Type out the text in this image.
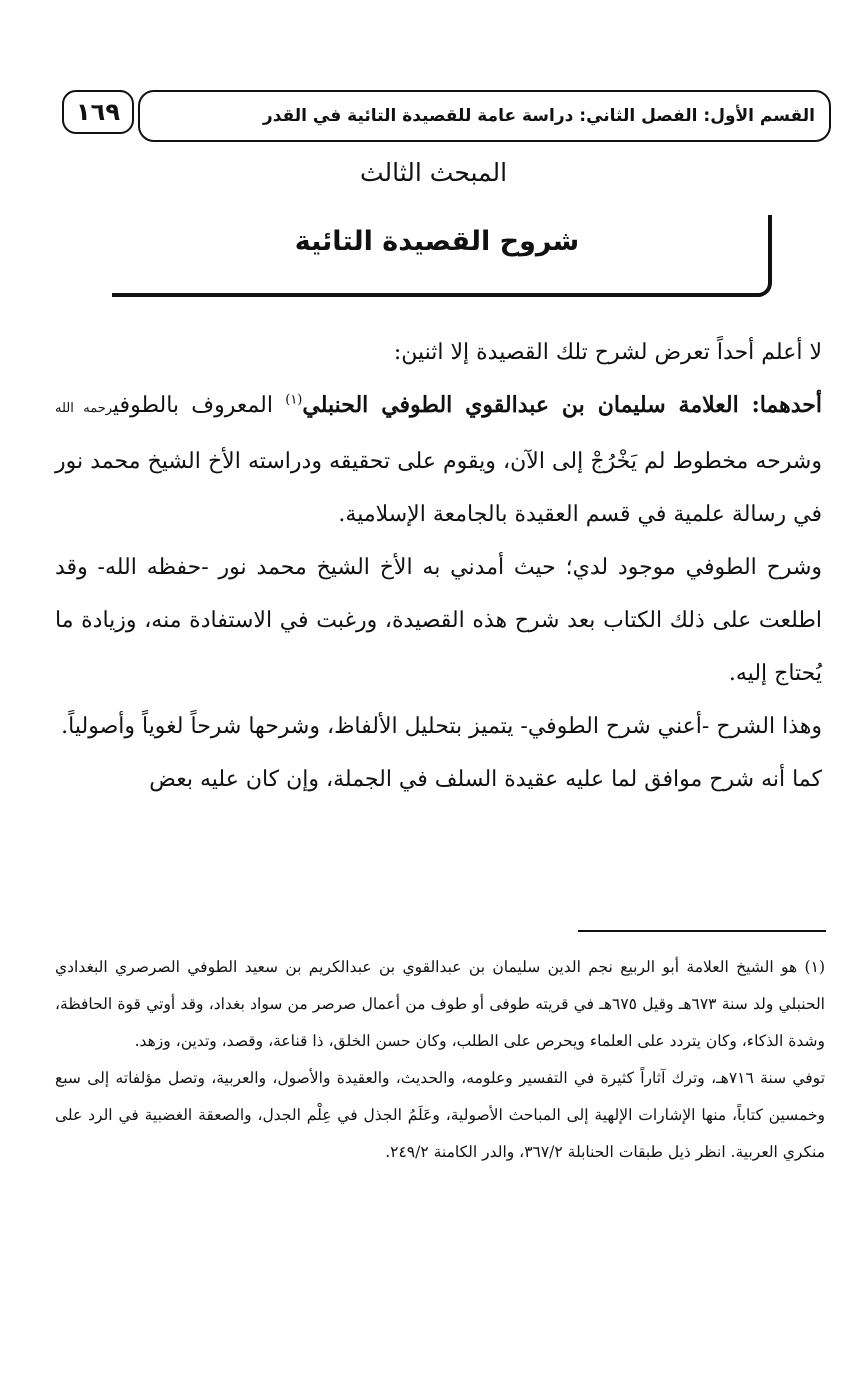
١٦٩	القسم الأول: الفصل الثاني: دراسة عامة للقصيدة التائية في القدر
المبحث الثالث
شروح القصيدة التائية

لا أعلم أحداً تعرض لشرح تلك القصيدة إلا اثنين:

أحدهما: العلامة سليمان بن عبدالقوي الطوفي الحنبلي$^{(١)}$ المعروف بالطوفيرحمه الله وشرحه مخطوط لم يَخْرُجْ إلى الآن، ويقوم على تحقيقه ودراسته الأخ الشيخ محمد نور في رسالة علمية في قسم العقيدة بالجامعة الإسلامية.

وشرح الطوفي موجود لدي؛ حيث أمدني به الأخ الشيخ محمد نور -حفظه الله- وقد اطلعت على ذلك الكتاب بعد شرح هذه القصيدة، ورغبت في الاستفادة منه، وزيادة ما يُحتاج إليه.

وهذا الشرح -أعني شرح الطوفي- يتميز بتحليل الألفاظ، وشرحها شرحاً لغوياً وأصولياً.

كما أنه شرح موافق لما عليه عقيدة السلف في الجملة، وإن كان عليه بعض

(١) هو الشيخ العلامة أبو الربيع نجم الدين سليمان بن عبدالقوي بن عبدالكريم بن سعيد الطوفي الصرصري البغدادي الحنبلي ولد سنة ٦٧٣هـ وقيل ٦٧٥هـ في قريته طوفى أو طوف من أعمال صرصر من سواد بغداد، وقد أوتي قوة الحافظة، وشدة الذكاء، وكان يتردد على العلماء ويحرص على الطلب، وكان حسن الخلق، ذا قناعة، وقصد، وتدين، وزهد.

توفي سنة ٧١٦هـ، وترك آثاراً كثيرة في التفسير وعلومه، والحديث، والعقيدة والأصول، والعربية، وتصل مؤلفاته إلى سبع وخمسين كتاباً، منها الإشارات الإلهية إلى المباحث الأصولية، وعَلَمُ الجذل في عِلْم الجدل، والصعقة الغضبية في الرد على منكري العربية. انظر ذيل طبقات الحنابلة ٣٦٧/٢، والدر الكامنة ٢٤٩/٢.
